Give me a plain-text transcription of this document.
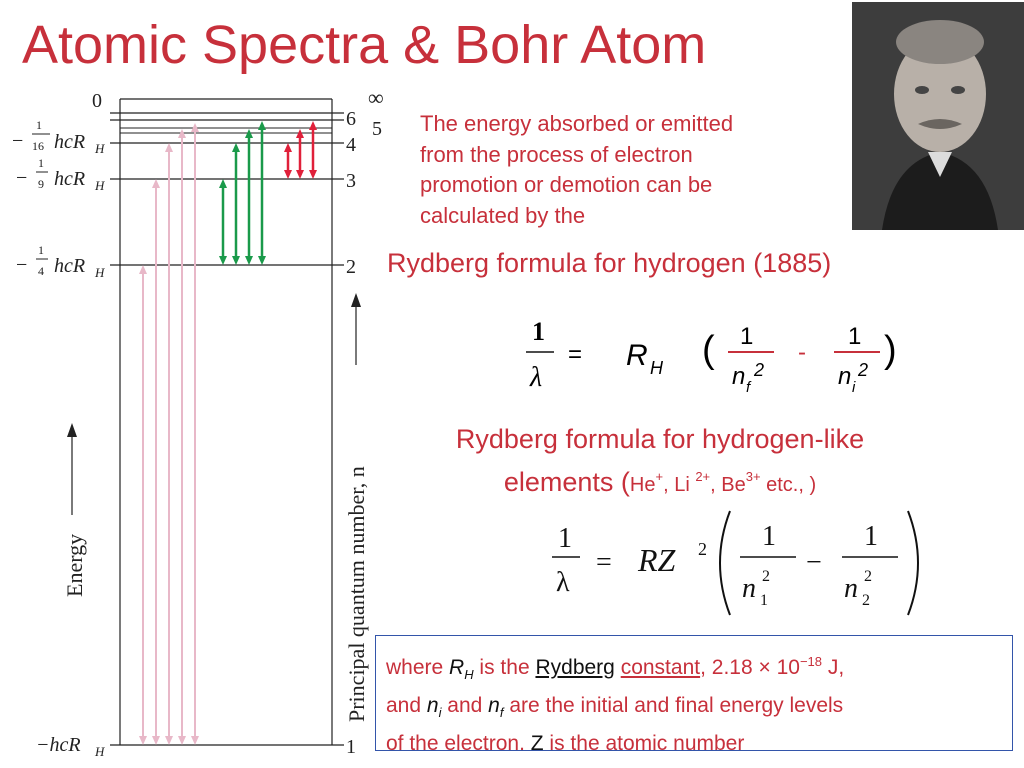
Atomic Spectra & Bohr Atom
0
−
1
16 hcR H
−
1
9 hcR H
−
1
4 hcR H
−hcR H
∞
6 5
4
3
2
1
Energy	Principal quantum number, n
The energy absorbed or emitted
from the process of electron
promotion or demotion can be
calculated by the
Rydberg formula for hydrogen (1885)
1
λ
= R H ( 1
n f
2
-
1
n i
2 )
Rydberg formula for hydrogen-like
elements (He+, Li $^{2+}$, $Be^{3+}$ etc., )
1
λ
= RZ 2 1
n 1
2 −
1
n 2
2
where $R_H$ is the Rydberg constant, $2.18 \times 10^{-18}$ J,
and $n_i$ and $n_f$ are the initial and final energy levels
of the electron. Z is the atomic number
